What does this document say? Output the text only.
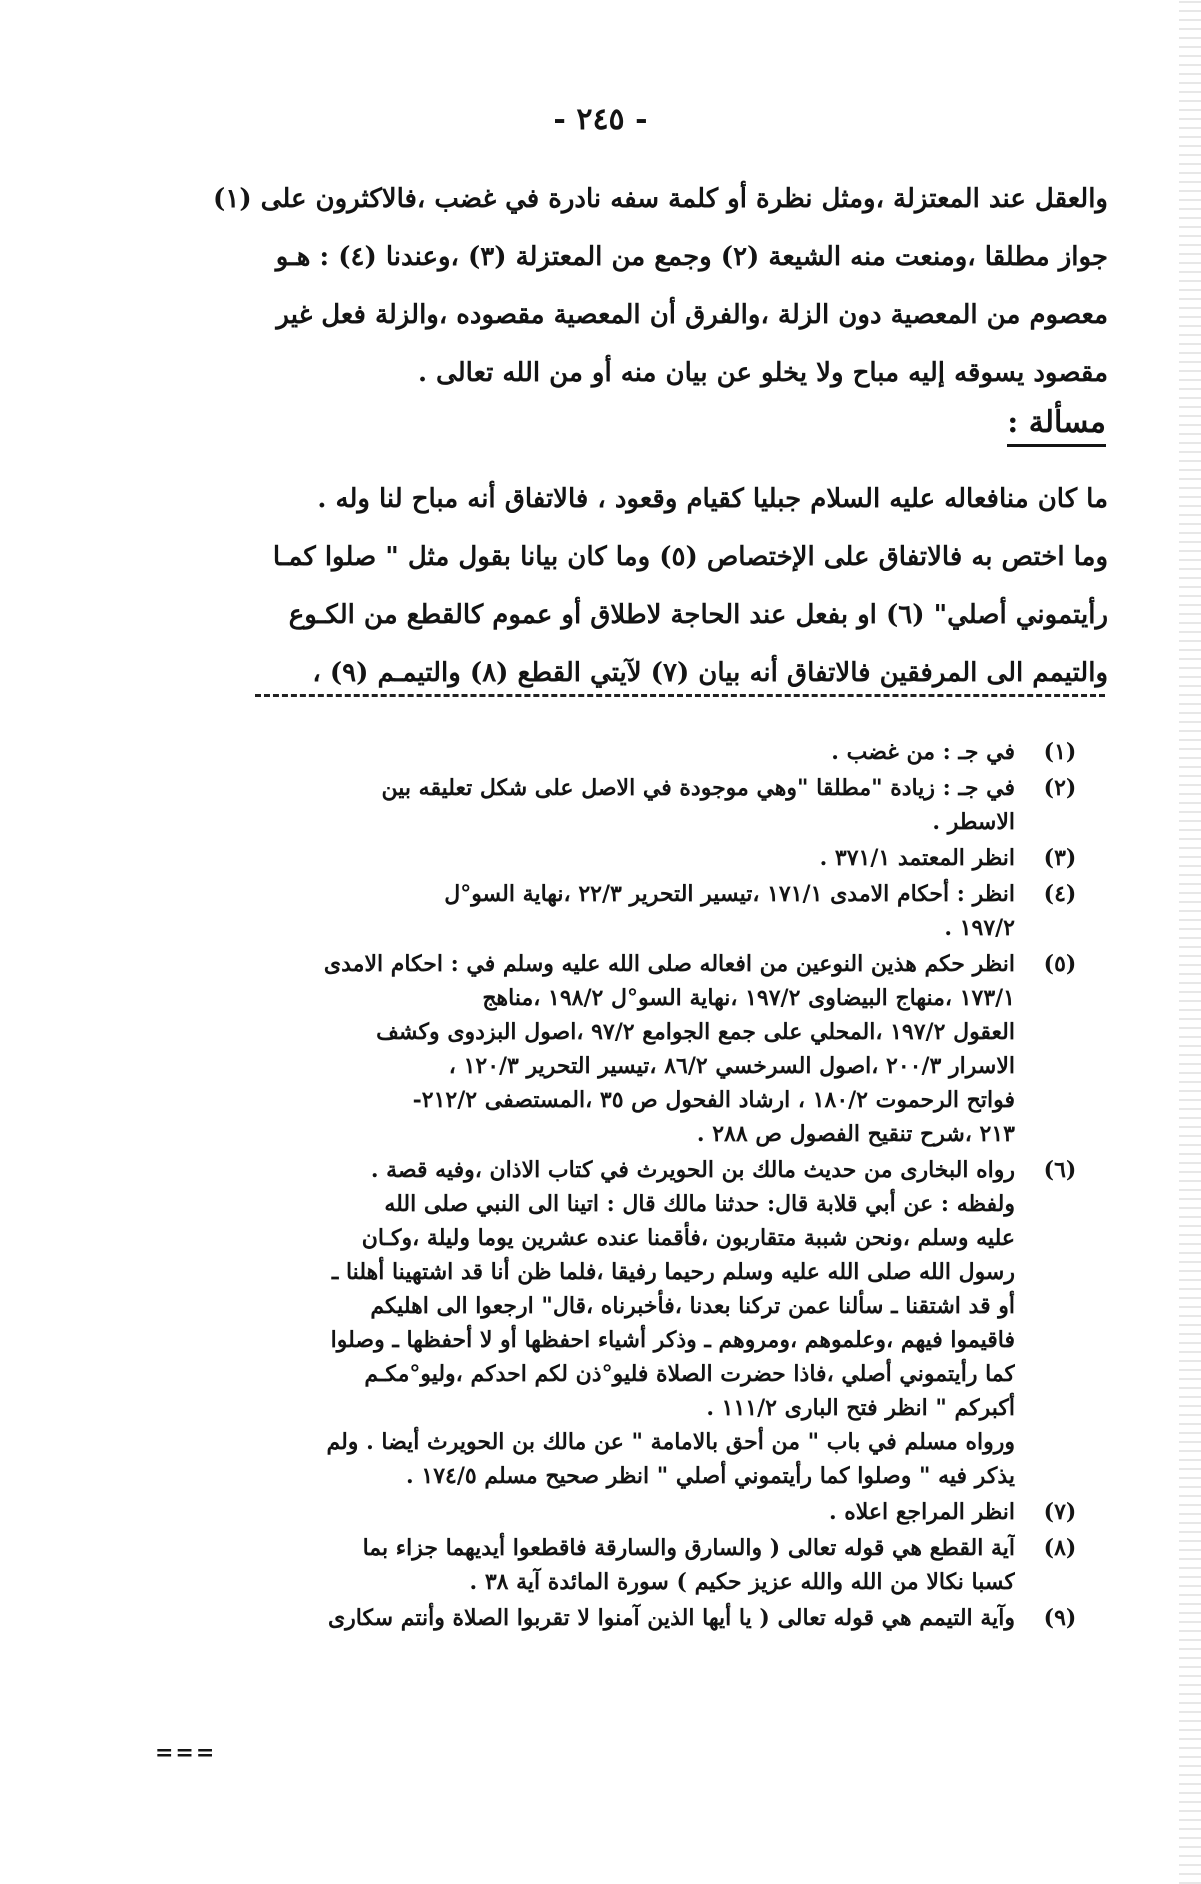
- ٢٤٥ -
والعقل عند المعتزلة ،ومثل نظرة أو كلمة سفه نادرة في غضب ،فالاكثرون على (١)
جواز مطلقا ،ومنعت منه الشيعة (٢) وجمع من المعتزلة (٣) ،وعندنا (٤) : هـو
معصوم من المعصية دون الزلة ،والفرق أن المعصية مقصوده ،والزلة فعل غير
مقصود يسوقه إليه مباح ولا يخلو عن بيان منه أو من الله تعالى .
مسألة :
ما كان منافعاله عليه السلام جبليا كقيام وقعود ، فالاتفاق أنه مباح لنا وله .
وما اختص به فالاتفاق على الإختصاص (٥) وما كان بيانا بقول مثل " صلوا كمـا
رأيتموني أصلي" (٦) او بفعل عند الحاجة لاطلاق أو عموم كالقطع من الكـوع
والتيمم الى المرفقين فالاتفاق أنه بيان (٧) لآيتي القطع (٨) والتيمـم (٩) ،
(١)
في جـ : من غضب .
(٢)
في جـ : زيادة "مطلقا "وهي موجودة في الاصل على شكل تعليقه بين
الاسطر .
(٣)
انظر المعتمد ٣٧١/١ .
(٤)
انظر : أحكام الامدى ١٧١/١ ،تيسير التحرير ٢٢/٣ ،نهاية السو°ل
١٩٧/٢ .
(٥)
انظر حكم هذين النوعين من افعاله صلى الله عليه وسلم في : احكام الامدى
١٧٣/١ ،منهاج البيضاوى ١٩٧/٢ ،نهاية السو°ل ١٩٨/٢ ،مناهج
العقول ١٩٧/٢ ،المحلي على جمع الجوامع ٩٧/٢ ،اصول البزدوى وكشف
الاسرار ٢٠٠/٣ ،اصول السرخسي ٨٦/٢ ،تيسير التحرير ١٢٠/٣ ،
فواتح الرحموت ١٨٠/٢ ، ارشاد الفحول ص ٣٥ ،المستصفى ٢١٢/٢-
٢١٣ ،شرح تنقيح الفصول ص ٢٨٨ .
(٦)
رواه البخارى من حديث مالك بن الحويرث في كتاب الاذان ،وفيه قصة .
ولفظه : عن أبي قلابة قال: حدثنا مالك قال : اتينا الى النبي صلى الله
عليه وسلم ،ونحن شببة متقاربون ،فأقمنا عنده عشرين يوما وليلة ،وكـان
رسول الله صلى الله عليه وسلم رحيما رفيقا ،فلما ظن أنا قد اشتهينا أهلنا ـ
أو قد اشتقنا ـ سألنا عمن تركنا بعدنا ،فأخبرناه ،قال" ارجعوا الى اهليكم
فاقيموا فيهم ،وعلموهم ،ومروهم ـ وذكر أشياء احفظها أو لا أحفظها ـ وصلوا
كما رأيتموني أصلي ،فاذا حضرت الصلاة فليو°ذن لكم احدكم ،وليو°مكـم
أكبركم " انظر فتح البارى ١١١/٢ .
ورواه مسلم في باب " من أحق بالامامة " عن مالك بن الحويرث أيضا . ولم
يذكر فيه " وصلوا كما رأيتموني أصلي " انظر صحيح مسلم ١٧٤/٥ .
(٧)
انظر المراجع اعلاه .
(٨)
آية القطع هي قوله تعالى ( والسارق والسارقة فاقطعوا أيديهما جزاء بما
كسبا نكالا من الله والله عزيز حكيم ) سورة المائدة آية ٣٨ .
(٩)
وآية التيمم هي قوله تعالى ( يا أيها الذين آمنوا لا تقربوا الصلاة وأنتم سكارى
===
